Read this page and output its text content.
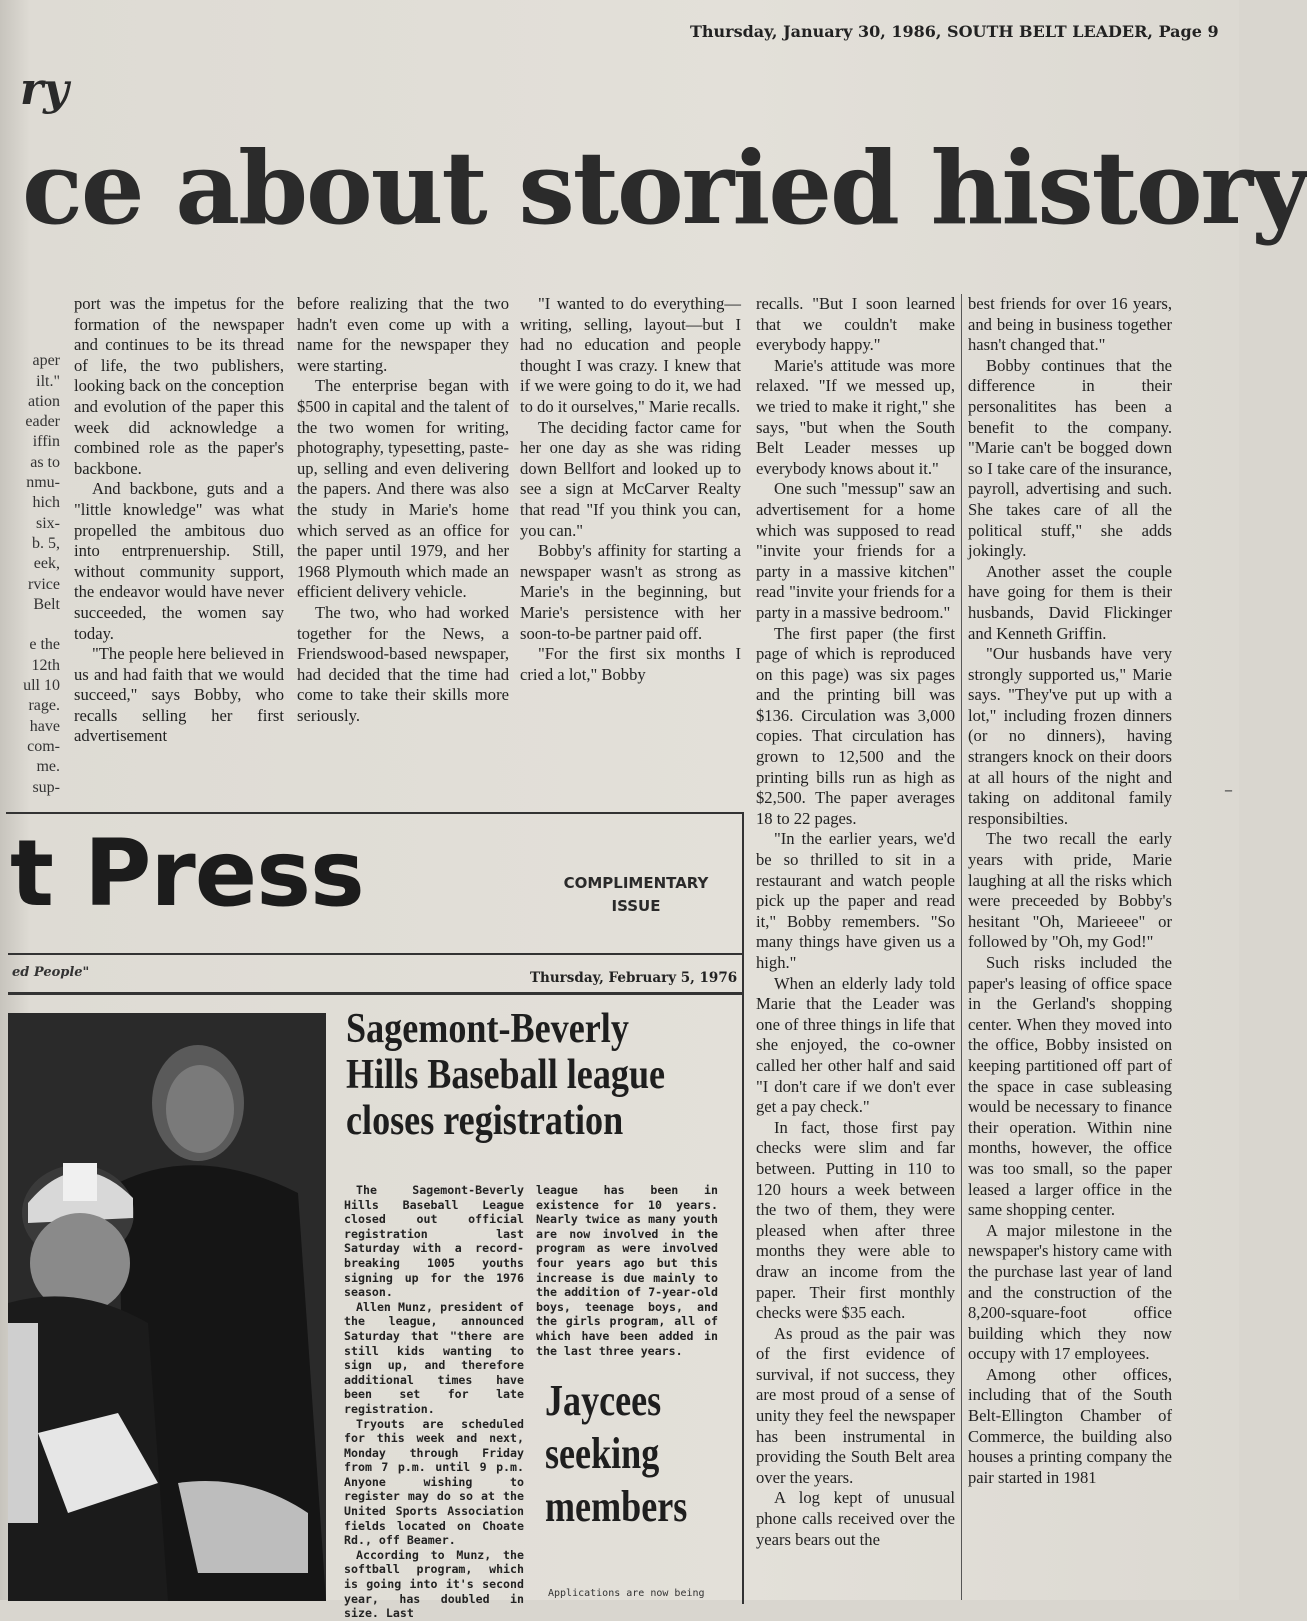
Thursday, January 30, 1986, SOUTH BELT LEADER, Page 9
ry
ce about storied history
aper
ilt."
ation
eader
iffin
as to
nmu-
hich
six-
b. 5,
eek,
rvice
Belt
e the
12th
ull 10
rage.
have
com-
me.
sup-

port was the impetus for the formation of the newspaper and continues to be its thread of life, the two publishers, looking back on the conception and evolution of the paper this week did acknowledge a combined role as the paper's backbone.

And backbone, guts and a "little knowledge" was what propelled the ambitous duo into entrprenuership. Still, without community support, the endeavor would have never succeeded, the women say today.

"The people here believed in us and had faith that we would succeed," says Bobby, who recalls selling her first advertisement

before realizing that the two hadn't even come up with a name for the newspaper they were starting.

The enterprise began with $500 in capital and the talent of the two women for writing, photography, typesetting, paste-up, selling and even delivering the papers. And there was also the study in Marie's home which served as an office for the paper until 1979, and her 1968 Plymouth which made an efficient delivery vehicle.

The two, who had worked together for the News, a Friendswood-based newspaper, had decided that the time had come to take their skills more seriously.

"I wanted to do everything—writing, selling, layout—but I had no education and people thought I was crazy. I knew that if we were going to do it, we had to do it ourselves," Marie recalls.

The deciding factor came for her one day as she was riding down Bellfort and looked up to see a sign at McCarver Realty that read "If you think you can, you can."

Bobby's affinity for starting a newspaper wasn't as strong as Marie's in the beginning, but Marie's persistence with her soon-to-be partner paid off.

"For the first six months I cried a lot," Bobby

recalls. "But I soon learned that we couldn't make everybody happy."

Marie's attitude was more relaxed. "If we messed up, we tried to make it right," she says, "but when the South Belt Leader messes up everybody knows about it."

One such "messup" saw an advertisement for a home which was supposed to read "invite your friends for a party in a massive kitchen" read "invite your friends for a party in a massive bedroom."

The first paper (the first page of which is reproduced on this page) was six pages and the printing bill was $136. Circulation was 3,000 copies. That circulation has grown to 12,500 and the printing bills run as high as $2,500. The paper averages 18 to 22 pages.

"In the earlier years, we'd be so thrilled to sit in a restaurant and watch people pick up the paper and read it," Bobby remembers. "So many things have given us a high."

When an elderly lady told Marie that the Leader was one of three things in life that she enjoyed, the co-owner called her other half and said "I don't care if we don't ever get a pay check."

In fact, those first pay checks were slim and far between. Putting in 110 to 120 hours a week between the two of them, they were pleased when after three months they were able to draw an income from the paper. Their first monthly checks were $35 each.

As proud as the pair was of the first evidence of survival, if not success, they are most proud of a sense of unity they feel the newspaper has been instrumental in providing the South Belt area over the years.

A log kept of unusual phone calls received over the years bears out the

best friends for over 16 years, and being in business together hasn't changed that."

Bobby continues that the difference in their personalitites has been a benefit to the company. "Marie can't be bogged down so I take care of the insurance, payroll, advertising and such. She takes care of all the political stuff," she adds jokingly.

Another asset the couple have going for them is their husbands, David Flickinger and Kenneth Griffin.

"Our husbands have very strongly supported us," Marie says. "They've put up with a lot," including frozen dinners (or no dinners), having strangers knock on their doors at all hours of the night and taking on additonal family responsibilties.

The two recall the early years with pride, Marie laughing at all the risks which were preceeded by Bobby's hesitant "Oh, Marieeee" or followed by "Oh, my God!"

Such risks included the paper's leasing of office space in the Gerland's shopping center. When they moved into the office, Bobby insisted on keeping partitioned off part of the space in case subleasing would be necessary to finance their operation. Within nine months, however, the office was too small, so the paper leased a larger office in the same shopping center.

A major milestone in the newspaper's history came with the purchase last year of land and the construction of the 8,200-square-foot office building which they now occupy with 17 employees.

Among other offices, including that of the South Belt-Ellington Chamber of Commerce, the building also houses a printing company the pair started in 1981

t Press	COMPLIMENTARY
ISSUE
ed People"	Thursday, February 5, 1976
Sagemont-Beverly Hills Baseball league closes registration

The Sagemont-Beverly Hills Baseball League closed out official registration last Saturday with a record-breaking 1005 youths signing up for the 1976 season.

Allen Munz, president of the league, announced Saturday that "there are still kids wanting to sign up, and therefore additional times have been set for late registration.

Tryouts are scheduled for this week and next, Monday through Friday from 7 p.m. until 9 p.m. Anyone wishing to register may do so at the United Sports Association fields located on Choate Rd., off Beamer.

According to Munz, the softball program, which is going into it's second year, has doubled in size. Last

league has been in existence for 10 years. Nearly twice as many youth are now involved in the program as were involved four years ago but this increase is due mainly to the addition of 7-year-old boys, teenage boys, and the girls program, all of which have been added in the last three years.

Jaycees seeking members
Applications are now being
–
